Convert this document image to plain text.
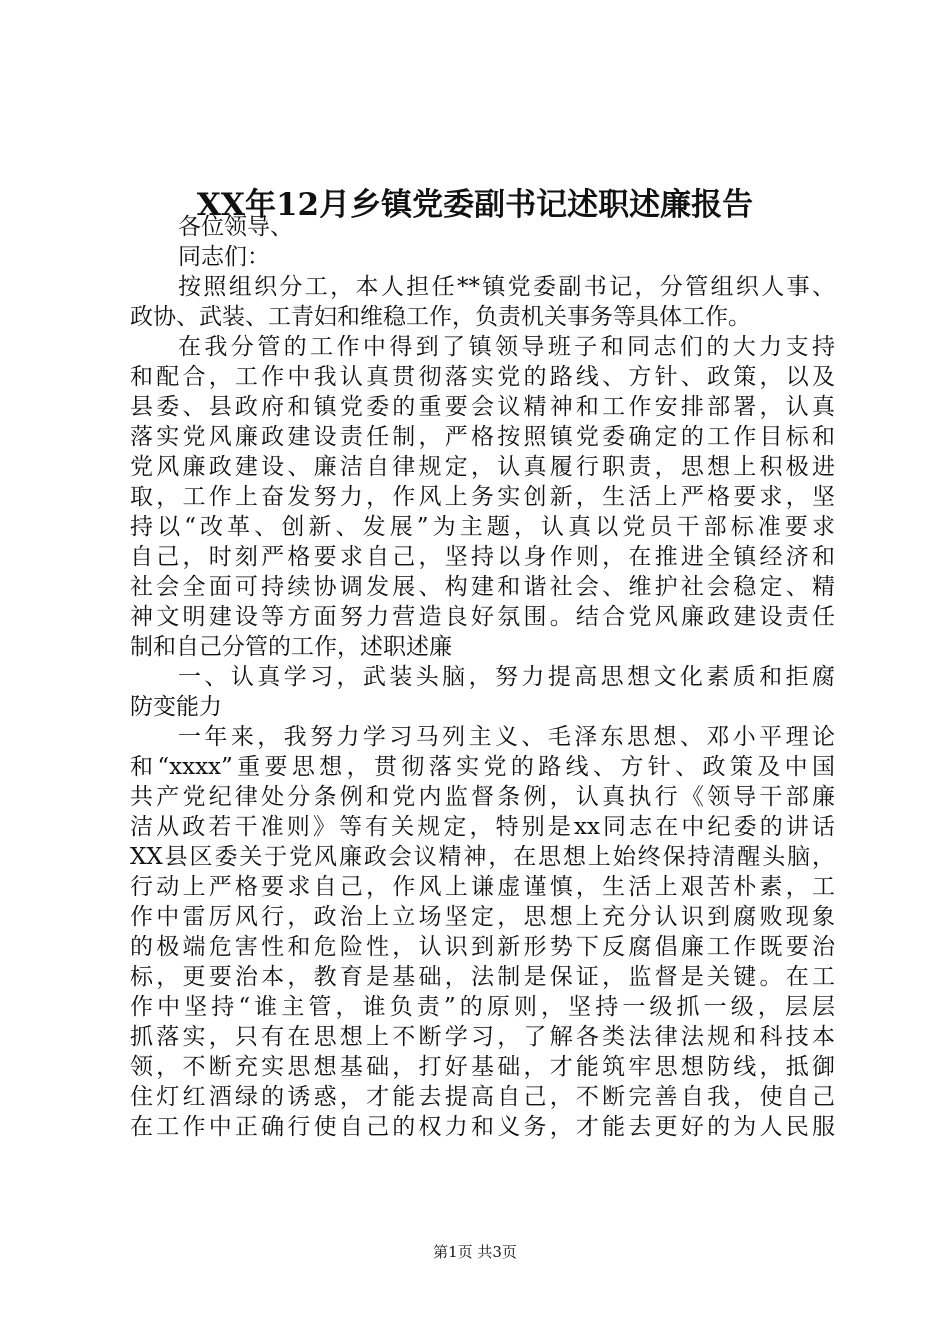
XX年12月乡镇党委副书记述职述廉报告
各位领导、
同志们：
按照组织分工，本人担任**镇党委副书记，分管组织人事、
政协、武装、工青妇和维稳工作，负责机关事务等具体工作。
在我分管的工作中得到了镇领导班子和同志们的大力支持
和配合，工作中我认真贯彻落实党的路线、方针、政策，以及
县委、县政府和镇党委的重要会议精神和工作安排部署，认真
落实党风廉政建设责任制，严格按照镇党委确定的工作目标和
党风廉政建设、廉洁自律规定，认真履行职责，思想上积极进
取，工作上奋发努力，作风上务实创新，生活上严格要求，坚
持以“改革、创新、发展”为主题，认真以党员干部标准要求
自己，时刻严格要求自己，坚持以身作则，在推进全镇经济和
社会全面可持续协调发展、构建和谐社会、维护社会稳定、精
神文明建设等方面努力营造良好氛围。结合党风廉政建设责任
制和自己分管的工作，述职述廉
一、认真学习，武装头脑，努力提高思想文化素质和拒腐
防变能力
一年来，我努力学习马列主义、毛泽东思想、邓小平理论
和“xxxx”重要思想，贯彻落实党的路线、方针、政策及中国
共产党纪律处分条例和党内监督条例，认真执行《领导干部廉
洁从政若干准则》等有关规定，特别是xx同志在中纪委的讲话
XX县区委关于党风廉政会议精神，在思想上始终保持清醒头脑，
行动上严格要求自己，作风上谦虚谨慎，生活上艰苦朴素，工
作中雷厉风行，政治上立场坚定，思想上充分认识到腐败现象
的极端危害性和危险性，认识到新形势下反腐倡廉工作既要治
标，更要治本，教育是基础，法制是保证，监督是关键。在工
作中坚持“谁主管，谁负责”的原则，坚持一级抓一级，层层
抓落实，只有在思想上不断学习，了解各类法律法规和科技本
领，不断充实思想基础，打好基础，才能筑牢思想防线，抵御
住灯红酒绿的诱惑，才能去提高自己，不断完善自我，使自己
在工作中正确行使自己的权力和义务，才能去更好的为人民服
第1页 共3页
